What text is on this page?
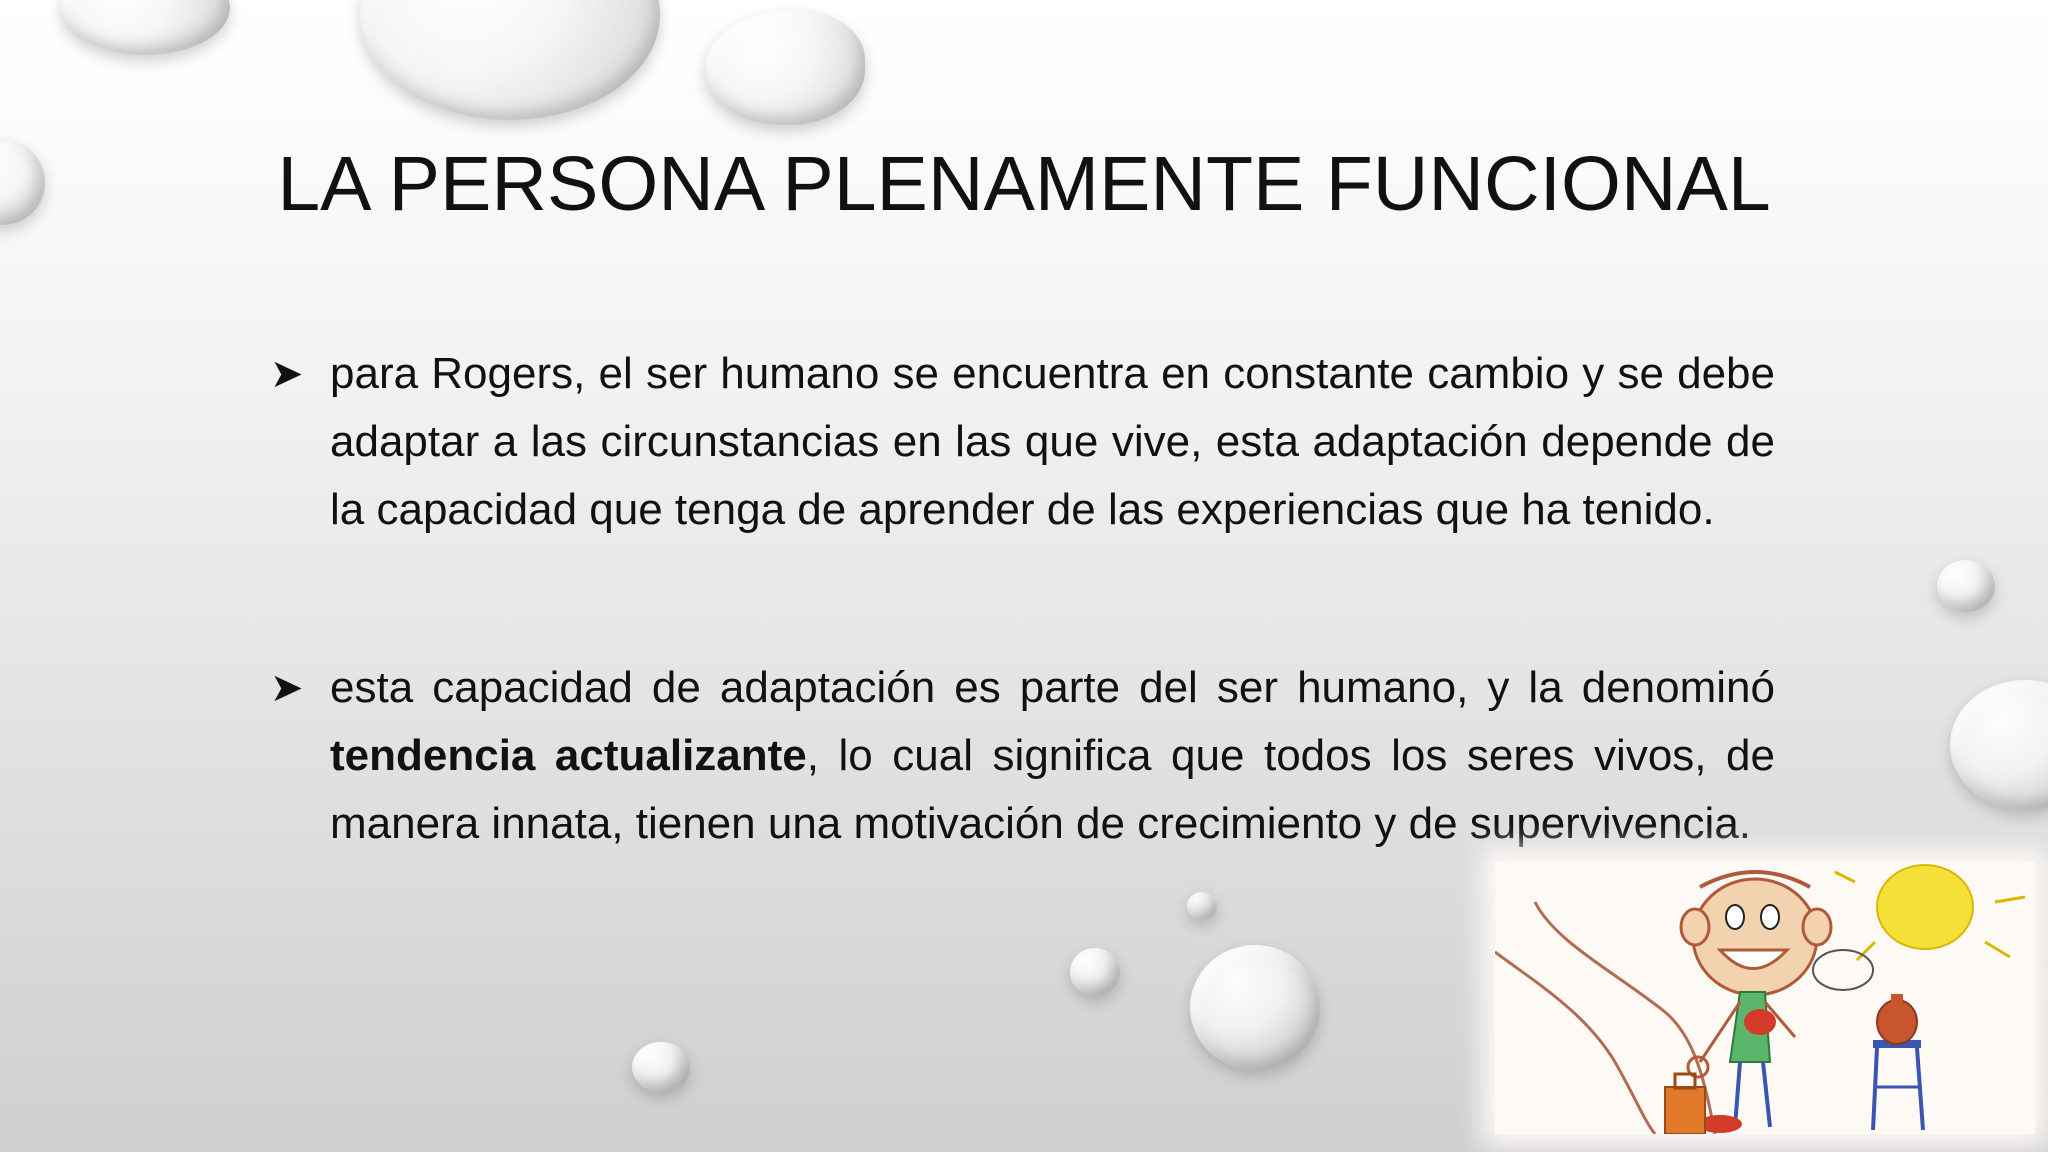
LA PERSONA PLENAMENTE FUNCIONAL
➤ para Rogers, el ser humano se encuentra en constante cambio y se debe adaptar a las circunstancias en las que vive, esta adaptación depende de la capacidad que tenga de aprender de las experiencias que ha tenido.
➤ esta capacidad de adaptación es parte del ser humano, y la denominó tendencia actualizante, lo cual significa que todos los seres vivos, de manera innata, tienen una motivación de crecimiento y de supervivencia.
